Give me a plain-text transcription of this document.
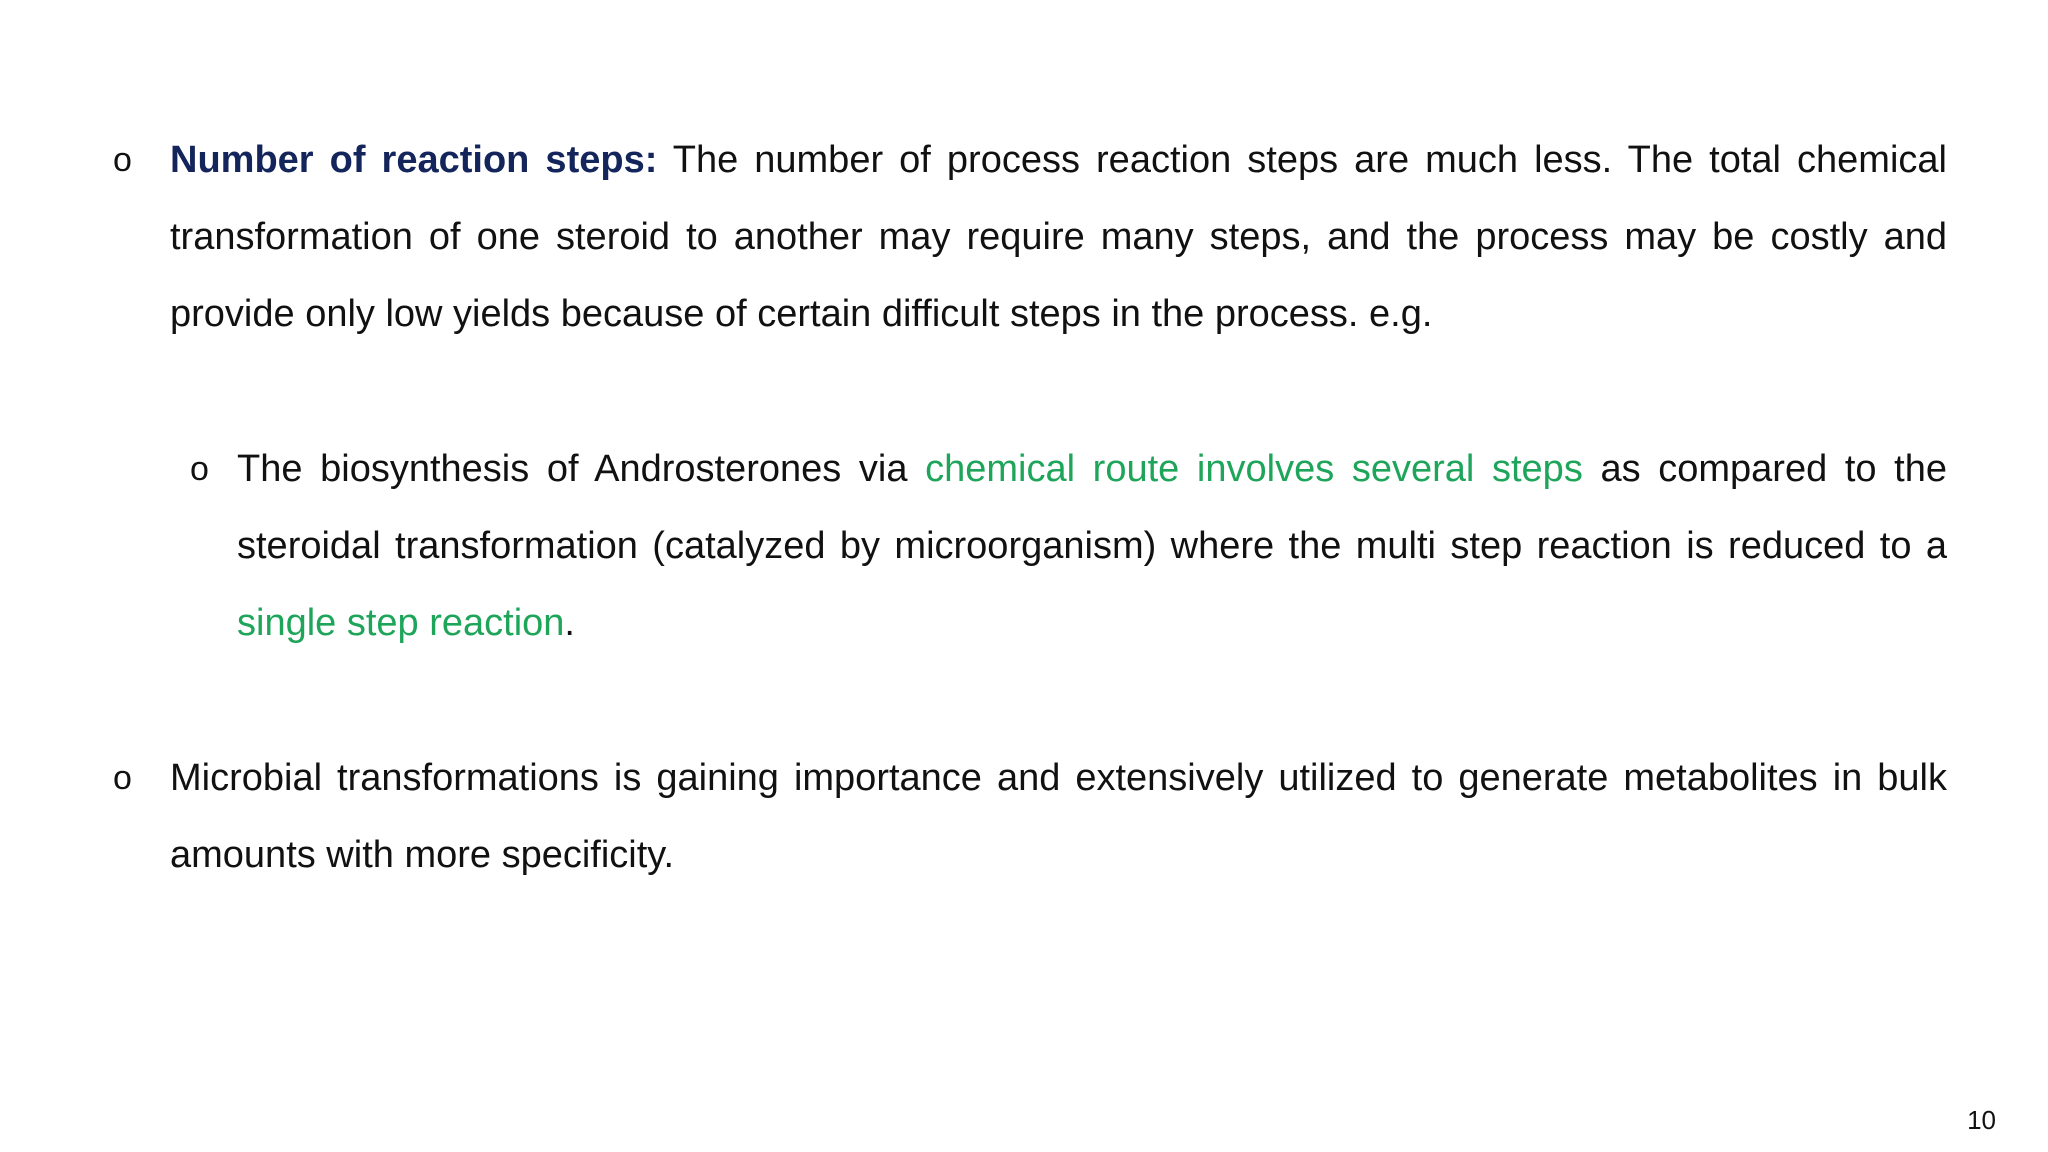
o Number of reaction steps: The number of process reaction steps are much less. The total chemical transformation of one steroid to another may require many steps, and the process may be costly and provide only low yields because of certain difficult steps in the process. e.g.
o The biosynthesis of Androsterones via chemical route involves several steps as compared to the steroidal transformation (catalyzed by microorganism) where the multi step reaction is reduced to a single step reaction.
o Microbial transformations is gaining importance and extensively utilized to generate metabolites in bulk amounts with more specificity.
10
